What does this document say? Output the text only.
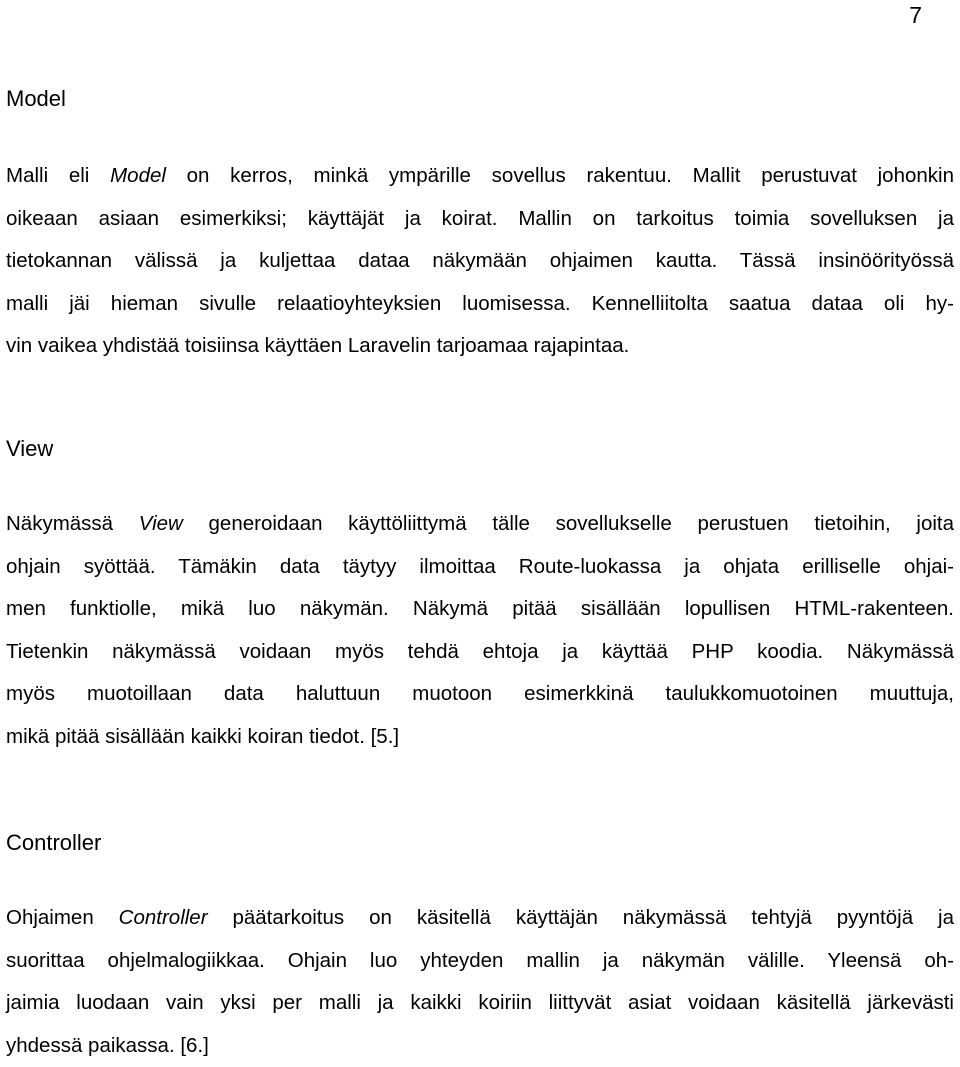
7
Model
Malli eli Model on kerros, minkä ympärille sovellus rakentuu. Mallit perustuvat johonkin
oikeaan asiaan esimerkiksi; käyttäjät ja koirat. Mallin on tarkoitus toimia sovelluksen ja
tietokannan välissä ja kuljettaa dataa näkymään ohjaimen kautta. Tässä insinöörityössä
malli jäi hieman sivulle relaatioyhteyksien luomisessa. Kennelliitolta saatua dataa oli hy-
vin vaikea yhdistää toisiinsa käyttäen Laravelin tarjoamaa rajapintaa.
View
Näkymässä View generoidaan käyttöliittymä tälle sovellukselle perustuen tietoihin, joita
ohjain syöttää. Tämäkin data täytyy ilmoittaa Route-luokassa ja ohjata erilliselle ohjai-
men funktiolle, mikä luo näkymän. Näkymä pitää sisällään lopullisen HTML-rakenteen.
Tietenkin näkymässä voidaan myös tehdä ehtoja ja käyttää PHP koodia. Näkymässä
myös muotoillaan data haluttuun muotoon esimerkkinä taulukkomuotoinen muuttuja,
mikä pitää sisällään kaikki koiran tiedot. [5.]
Controller
Ohjaimen Controller päätarkoitus on käsitellä käyttäjän näkymässä tehtyjä pyyntöjä ja
suorittaa ohjelmalogiikkaa. Ohjain luo yhteyden mallin ja näkymän välille. Yleensä oh-
jaimia luodaan vain yksi per malli ja kaikki koiriin liittyvät asiat voidaan käsitellä järkevästi
yhdessä paikassa. [6.]
